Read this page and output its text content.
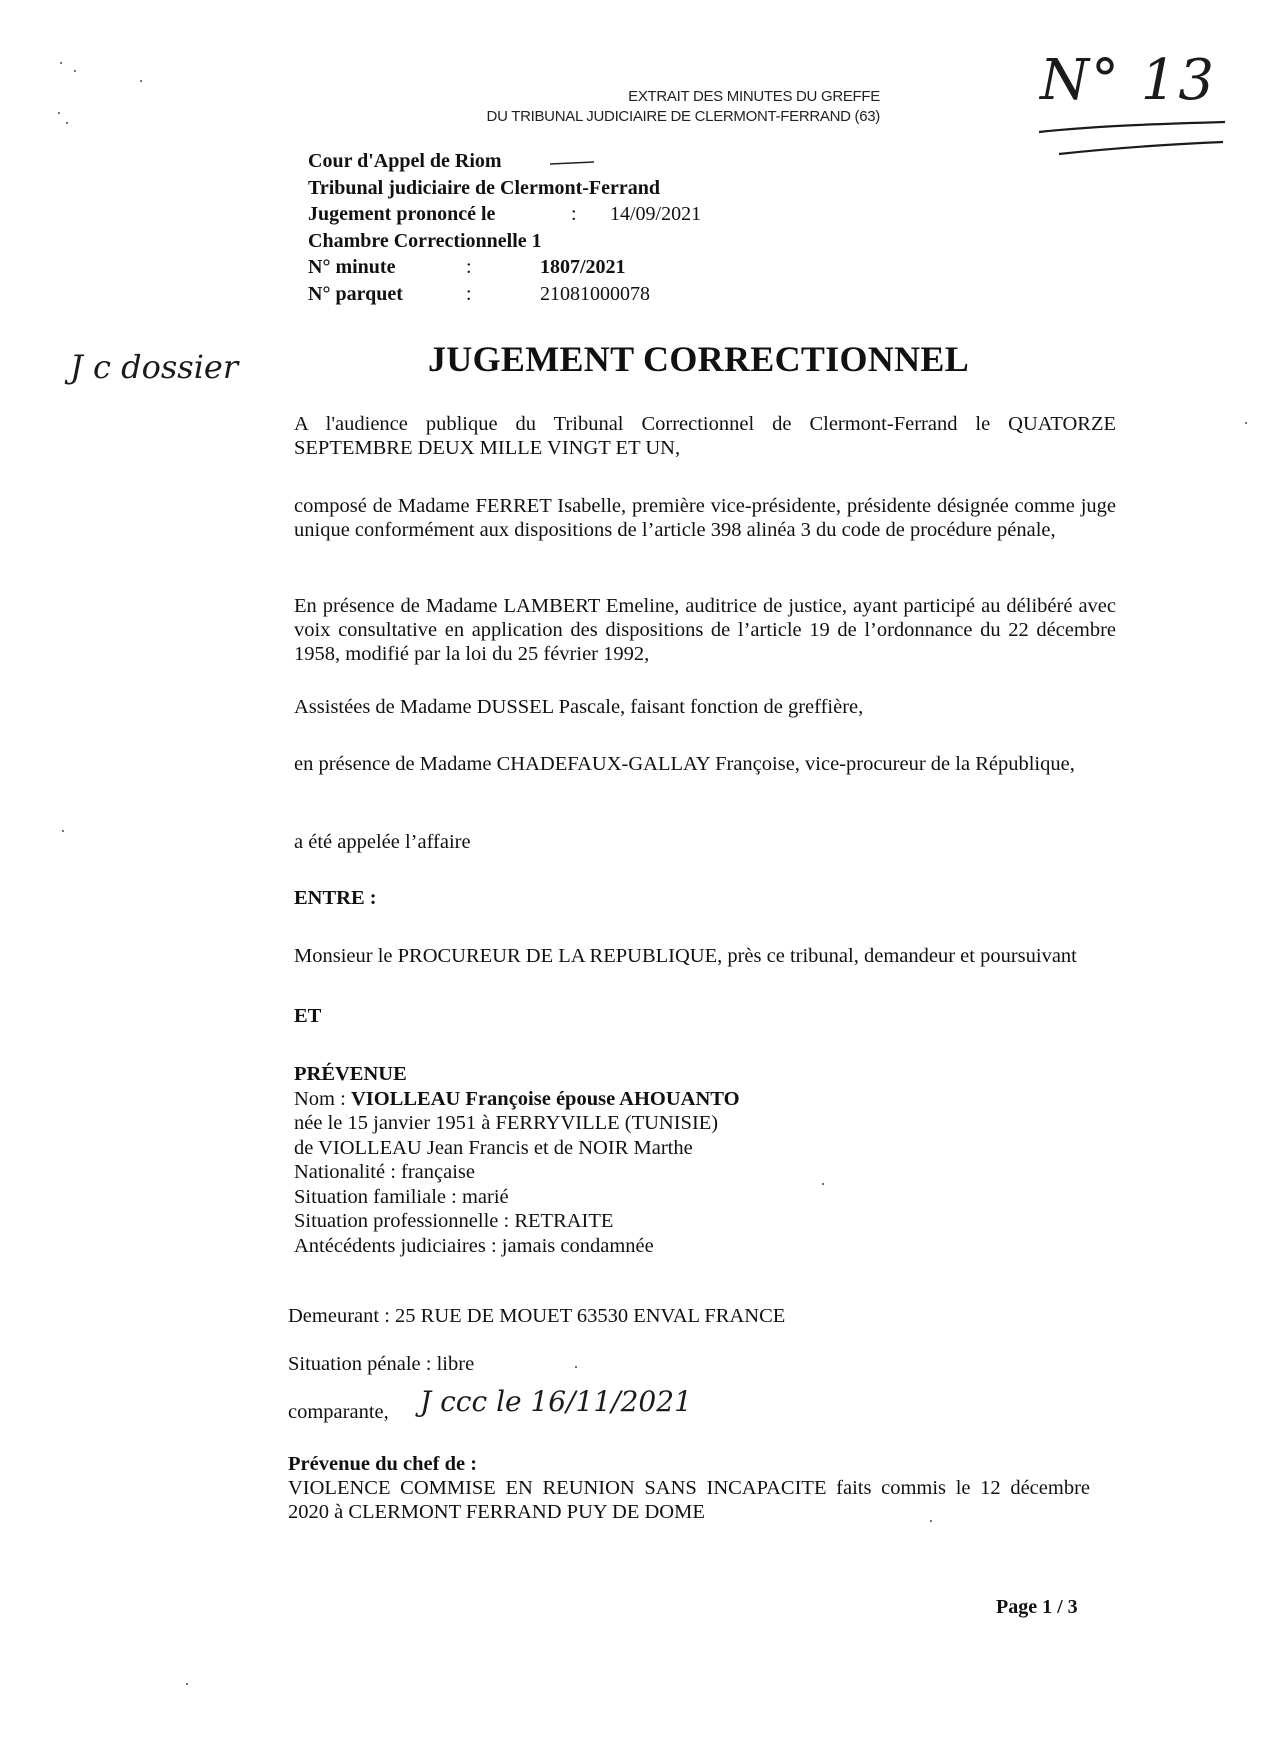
EXTRAIT DES MINUTES DU GREFFE
DU TRIBUNAL JUDICIAIRE DE CLERMONT-FERRAND (63)
N° 13
J c dossier
Cour d'Appel de Riom
Tribunal judiciaire de Clermont-Ferrand
Jugement prononcé le	: 14/09/2021
Chambre Correctionnelle 1
N° minute	:	1807/2021
N° parquet	:	21081000078
JUGEMENT CORRECTIONNEL
A l'audience publique du Tribunal Correctionnel de Clermont-Ferrand le QUATORZE SEPTEMBRE DEUX MILLE VINGT ET UN,
composé de Madame FERRET Isabelle, première vice-présidente, présidente désignée comme juge unique conformément aux dispositions de l’article 398 alinéa 3 du code de procédure pénale,
En présence de Madame LAMBERT Emeline, auditrice de justice, ayant participé au délibéré avec voix consultative en application des dispositions de l’article 19 de l’ordonnance du 22 décembre 1958, modifié par la loi du 25 février 1992,
Assistées de Madame DUSSEL Pascale, faisant fonction de greffière,
en présence de Madame CHADEFAUX-GALLAY Françoise, vice-procureur de la République,
a été appelée l’affaire
ENTRE :
Monsieur le PROCUREUR DE LA REPUBLIQUE, près ce tribunal, demandeur et poursuivant
ET
PRÉVENUE
Nom : VIOLLEAU Françoise épouse AHOUANTO
née le 15 janvier 1951 à FERRYVILLE (TUNISIE)
de VIOLLEAU Jean Francis et de NOIR Marthe
Nationalité : française
Situation familiale : marié
Situation professionnelle : RETRAITE
Antécédents judiciaires : jamais condamnée
Demeurant : 25 RUE DE MOUET 63530 ENVAL FRANCE
Situation pénale : libre
comparante, J ccc le 16/11/2021
Prévenue du chef de :
VIOLENCE COMMISE EN REUNION SANS INCAPACITE faits commis le 12 décembre 2020 à CLERMONT FERRAND PUY DE DOME
Page 1 / 3
